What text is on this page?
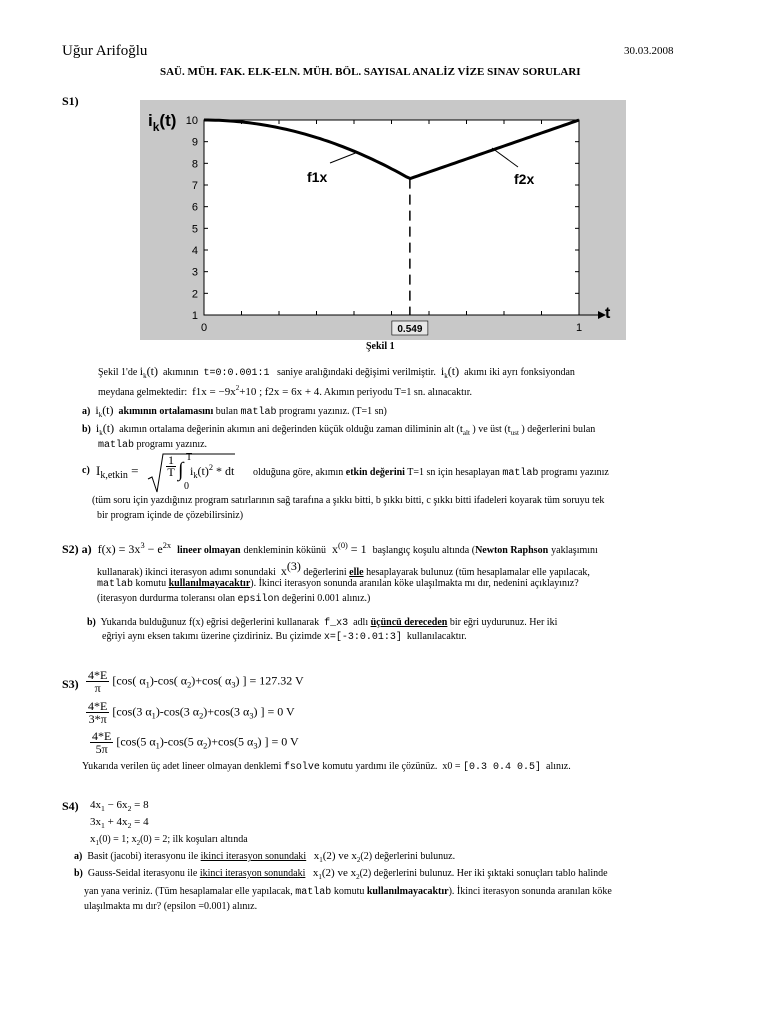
Uğur Arifoğlu	30.03.2008
SAÜ. MÜH. FAK. ELK-ELN. MÜH. BÖL. SAYISAL ANALİZ VİZE SINAV SORULARI
S1)
1
2
3
4
5
6
7
8
9
10
0	1
$i_k(t)$
t
f1x	f2x
0.549
Şekil 1
Şekil 1'de $i_k(t)$ akımının t=0:0.001:1 saniye aralığındaki değişimi verilmiştir. $i_k(t)$ akımı iki ayrı fonksiyondan
meydana gelmektedir: $f1x = -9x^2+10$ ; f2x = 6x + 4. Akımın periyodu T=1 sn. alınacaktır.
a) $i_k(t)$ akımının ortalamasını bulan matlab programı yazınız. (T=1 sn)
b) $i_k(t)$ akımın ortalama değerinin akımın ani değerinden küçük olduğu zaman diliminin alt ($t_{alt}$ ) ve üst ($t_{ust}$ ) değerlerini bulan
matlab programı yazınız.
c) $I_{k,etkin}$ =
1
T ∫
T
0
$i_k(t)^2$ * dt olduğuna göre, akımın etkin değerini T=1 sn için hesaplayan matlab programı yazınız
(tüm soru için yazdığınız program satırlarının sağ tarafına a şıkkı bitti, b şıkkı bitti, c şıkkı bitti ifadeleri koyarak tüm soruyu tek
bir program içinde de çözebilirsiniz)
S2) a) $f(x) = 3x^3 - e^{2x}$ lineer olmayan denkleminin kökünü $x^{(0)} = 1$ başlangıç koşulu altında (Newton Raphson yaklaşımını
kullanarak) ikinci iterasyon adımı sonundaki $x^{(3)}$ değerlerini elle hesaplayarak bulunuz (tüm hesaplamalar elle yapılacak,
matlab komutu kullanılmayacaktır). İkinci iterasyon sonunda aranılan köke ulaşılmakta mı dır, nedenini açıklayınız?
(iterasyon durdurma toleransı olan epsilon değerini 0.001 alınız.)
b) Yukarıda bulduğunuz f(x) eğrisi değerlerini kullanarak f_x3 adlı üçüncü dereceden bir eğri uydurunuz. Her iki
eğriyi aynı eksen takımı üzerine çizdiriniz. Bu çizimde x=[-3:0.01:3] kullanılacaktır.
$S3) \frac{4*E}{\pi} [\cos$( $\alpha_1)-\cos$( $\alpha_2)+\cos$( $\alpha_3$) ] = 127.32 V
$\frac{4*E}{3*\pi} [\cos(3$ $\alpha_1)-\cos(3$ $\alpha_2)+\cos(3$ $\alpha_3$) ] = 0 V
$\frac{4*E}{5\pi} [\cos(5$ $\alpha_1)-\cos(5$ $\alpha_2)+\cos(5$ $\alpha_3$) ] = 0 V
Yukarıda verilen üç adet lineer olmayan denklemi fsolve komutu yardımı ile çözünüz. x0 = [0.3 0.4 0.5] alınız.
S4) $4x_1 - 6x_2 = 8$
$3x_1 + 4x_2 = 4$
$x_1(0) = 1$; $x_2(0) = 2$; ilk koşuları altında
a) Basit (jacobi) iterasyonu ile ikinci iterasyon sonundaki $x_1(2)$ ve $x_2(2)$ değerlerini bulunuz.
b) Gauss-Seidal iterasyonu ile ikinci iterasyon sonundaki $x_1(2)$ ve $x_2(2)$ değerlerini bulunuz. Her iki şıktaki sonuçları tablo halinde
yan yana veriniz. (Tüm hesaplamalar elle yapılacak, matlab komutu kullanılmayacaktır). İkinci iterasyon sonunda aranılan köke
ulaşılmakta mı dır? (epsilon =0.001) alınız.
